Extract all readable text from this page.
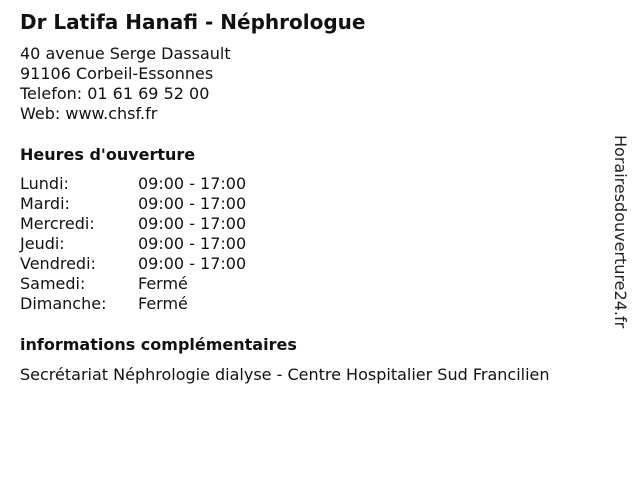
Dr Latifa Hanafi - Néphrologue
40 avenue Serge Dassault
91106 Corbeil-Essonnes
Telefon: 01 61 69 52 00
Web: www.chsf.fr
Heures d'ouverture
Lundi:	09:00 - 17:00
Mardi:	09:00 - 17:00
Mercredi:	09:00 - 17:00
Jeudi:	09:00 - 17:00
Vendredi:	09:00 - 17:00
Samedi:	Fermé
Dimanche:	Fermé
informations complémentaires
Secrétariat Néphrologie dialyse - Centre Hospitalier Sud Francilien
Horairesdouverture24.fr
